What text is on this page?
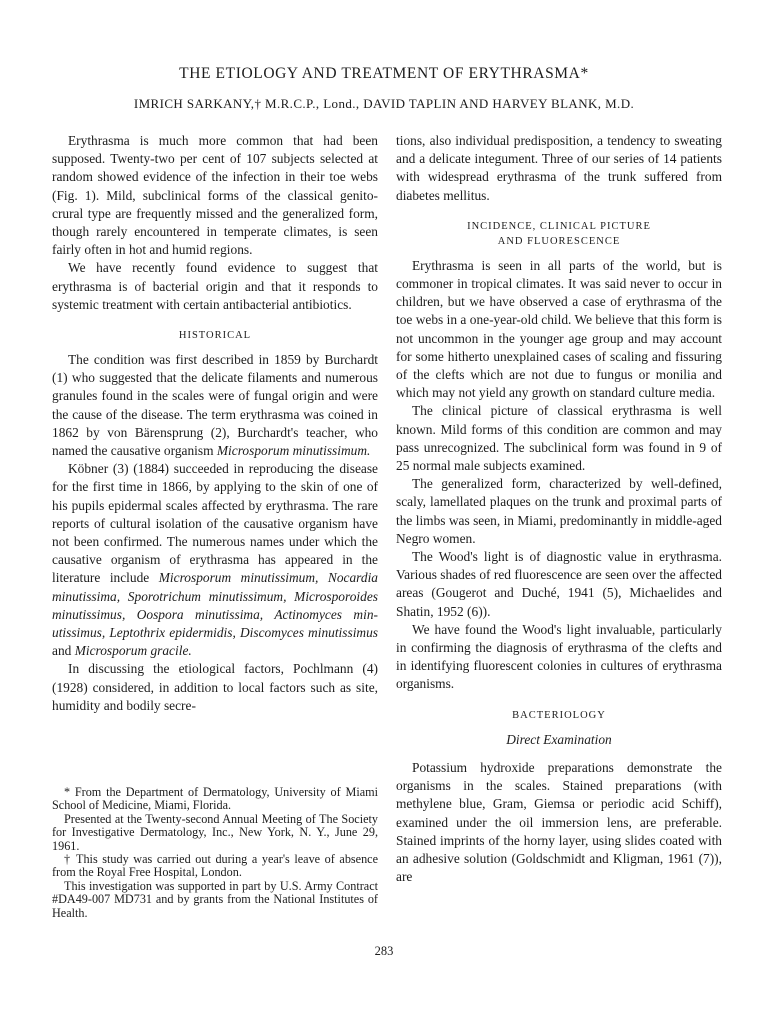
THE ETIOLOGY AND TREATMENT OF ERYTHRASMA*
IMRICH SARKANY,† M.R.C.P., Lond., DAVID TAPLIN AND HARVEY BLANK, M.D.

Erythrasma is much more common that had been supposed. Twenty-two per cent of 107 subjects selected at random showed evidence of the infection in their toe webs (Fig. 1). Mild, subclinical forms of the classical genito-crural type are frequently missed and the generalized form, though rarely encountered in temperate climates, is seen fairly often in hot and humid regions.

We have recently found evidence to suggest that erythrasma is of bacterial origin and that it responds to systemic treatment with certain antibacterial antibiotics.

HISTORICAL

The condition was first described in 1859 by Burchardt (1) who suggested that the delicate filaments and numerous granules found in the scales were of fungal origin and were the cause of the disease. The term erythrasma was coined in 1862 by von Bärensprung (2), Burchardt's teacher, who named the causative organism Microsporum minutissimum.

Köbner (3) (1884) succeeded in reproducing the disease for the first time in 1866, by applying to the skin of one of his pupils epidermal scales affected by erythrasma. The rare reports of cultural isolation of the causative organism have not been confirmed. The numerous names under which the causative organism of erythrasma has appeared in the literature include Microsporum minutissimum, Nocardia minutissima, Sporotrichum minutissimum, Microsporoides minutissimus, Oospora minutissima, Actinomyces minutissimus, Leptothrix epidermidis, Discomyces minutissimus and Microsporum gracile.

In discussing the etiological factors, Pochlmann (4) (1928) considered, in addition to local factors such as site, humidity and bodily secre-

* From the Department of Dermatology, University of Miami School of Medicine, Miami, Florida.

Presented at the Twenty-second Annual Meeting of The Society for Investigative Dermatology, Inc., New York, N. Y., June 29, 1961.

† This study was carried out during a year's leave of absence from the Royal Free Hospital, London.

This investigation was supported in part by U.S. Army Contract #DA49-007 MD731 and by grants from the National Institutes of Health.

tions, also individual predisposition, a tendency to sweating and a delicate integument. Three of our series of 14 patients with widespread erythrasma of the trunk suffered from diabetes mellitus.

INCIDENCE, CLINICAL PICTURE
AND FLUORESCENCE

Erythrasma is seen in all parts of the world, but is commoner in tropical climates. It was said never to occur in children, but we have observed a case of erythrasma of the toe webs in a one-year-old child. We believe that this form is not uncommon in the younger age group and may account for some hitherto unexplained cases of scaling and fissuring of the clefts which are not due to fungus or monilia and which may not yield any growth on standard culture media.

The clinical picture of classical erythrasma is well known. Mild forms of this condition are common and may pass unrecognized. The subclinical form was found in 9 of 25 normal male subjects examined.

The generalized form, characterized by well-defined, scaly, lamellated plaques on the trunk and proximal parts of the limbs was seen, in Miami, predominantly in middle-aged Negro women.

The Wood's light is of diagnostic value in erythrasma. Various shades of red fluorescence are seen over the affected areas (Gougerot and Duché, 1941 (5), Michaelides and Shatin, 1952 (6)).

We have found the Wood's light invaluable, particularly in confirming the diagnosis of erythrasma of the clefts and in identifying fluorescent colonies in cultures of erythrasma organisms.

BACTERIOLOGY
Direct Examination

Potassium hydroxide preparations demonstrate the organisms in the scales. Stained preparations (with methylene blue, Gram, Giemsa or periodic acid Schiff), examined under the oil immersion lens, are preferable. Stained imprints of the horny layer, using slides coated with an adhesive solution (Goldschmidt and Kligman, 1961 (7)), are

283
